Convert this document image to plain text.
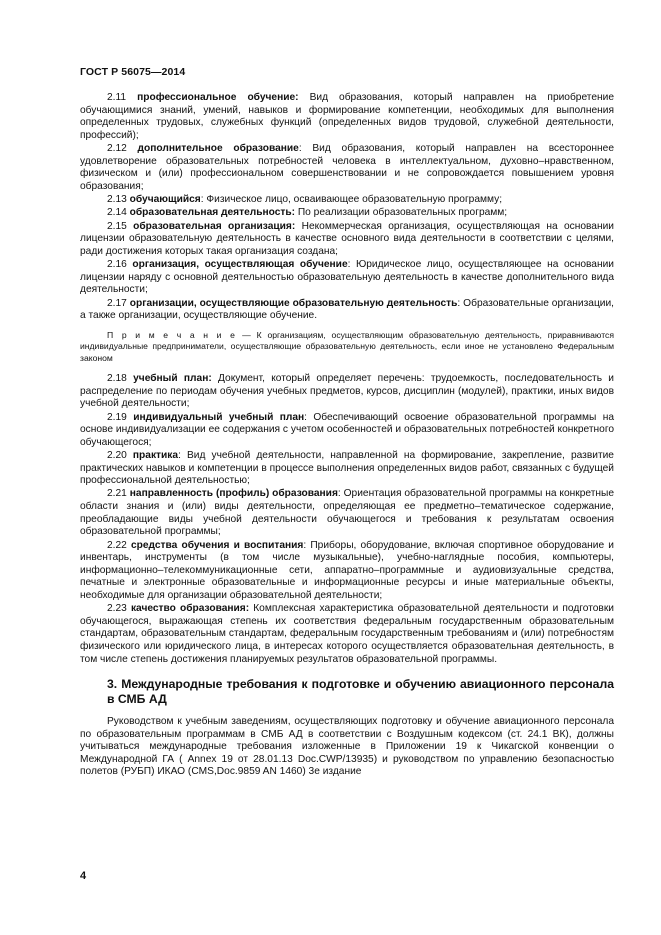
ГОСТ Р 56075—2014

2.11 профессиональное обучение: Вид образования, который направлен на приобретение обучающимися знаний, умений, навыков и формирование компетенции, необходимых для выполнения определенных трудовых, служебных функций (определенных видов трудовой, служебной деятельности, профессий);

2.12 дополнительное образование: Вид образования, который направлен на всестороннее удовлетворение образовательных потребностей человека в интеллектуальном, духовно–нравственном, физическом и (или) профессиональном совершенствовании и не сопровождается повышением уровня образования;

2.13 обучающийся: Физическое лицо, осваивающее образовательную программу;

2.14 образовательная деятельность: По реализации образовательных программ;

2.15 образовательная организация: Некоммерческая организация, осуществляющая на основании лицензии образовательную деятельность в качестве основного вида деятельности в соответствии с целями, ради достижения которых такая организация создана;

2.16 организация, осуществляющая обучение: Юридическое лицо, осуществляющее на основании лицензии наряду с основной деятельностью образовательную деятельность в качестве дополнительного вида деятельности;

2.17 организации, осуществляющие образовательную деятельность: Образовательные организации, а также организации, осуществляющие обучение.

П р и м е ч а н и е — К организациям, осуществляющим образовательную деятельность, приравниваются индивидуальные предприниматели, осуществляющие образовательную деятельность, если иное не установлено Федеральным законом

2.18 учебный план: Документ, который определяет перечень: трудоемкость, последовательность и распределение по периодам обучения учебных предметов, курсов, дисциплин (модулей), практики, иных видов учебной деятельности;

2.19 индивидуальный учебный план: Обеспечивающий освоение образовательной программы на основе индивидуализации ее содержания с учетом особенностей и образовательных потребностей конкретного обучающегося;

2.20 практика: Вид учебной деятельности, направленной на формирование, закрепление, развитие практических навыков и компетенции в процессе выполнения определенных видов работ, связанных с будущей профессиональной деятельностью;

2.21 направленность (профиль) образования: Ориентация образовательной программы на конкретные области знания и (или) виды деятельности, определяющая ее предметно–тематическое содержание, преобладающие виды учебной деятельности обучающегося и требования к результатам освоения образовательной программы;

2.22 средства обучения и воспитания: Приборы, оборудование, включая спортивное оборудование и инвентарь, инструменты (в том числе музыкальные), учебно-наглядные пособия, компьютеры, информационно–телекоммуникационные сети, аппаратно–программные и аудиовизуальные средства, печатные и электронные образовательные и информационные ресурсы и иные материальные объекты, необходимые для организации образовательной деятельности;

2.23 качество образования: Комплексная характеристика образовательной деятельности и подготовки обучающегося, выражающая степень их соответствия федеральным государственным образовательным стандартам, образовательным стандартам, федеральным государственным требованиям и (или) потребностям физического или юридического лица, в интересах которого осуществляется образовательная деятельность, в том числе степень достижения планируемых результатов образовательной программы.

3. Международные требования к подготовке и обучению авиационного персонала в СМБ АД

Руководством к учебным заведениям, осуществляющих подготовку и обучение авиационного персонала по образовательным программам в СМБ АД в соответствии с Воздушным кодексом (ст. 24.1 ВК), должны учитываться международные требования изложенные в Приложении 19 к Чикагской конвенции о Международной ГА ( Annex 19 от 28.01.13 Doc.CWP/13935) и руководством по управлению безопасностью полетов (РУБП) ИКАО (CMS,Doc.9859 AN 1460) 3е издание

4
